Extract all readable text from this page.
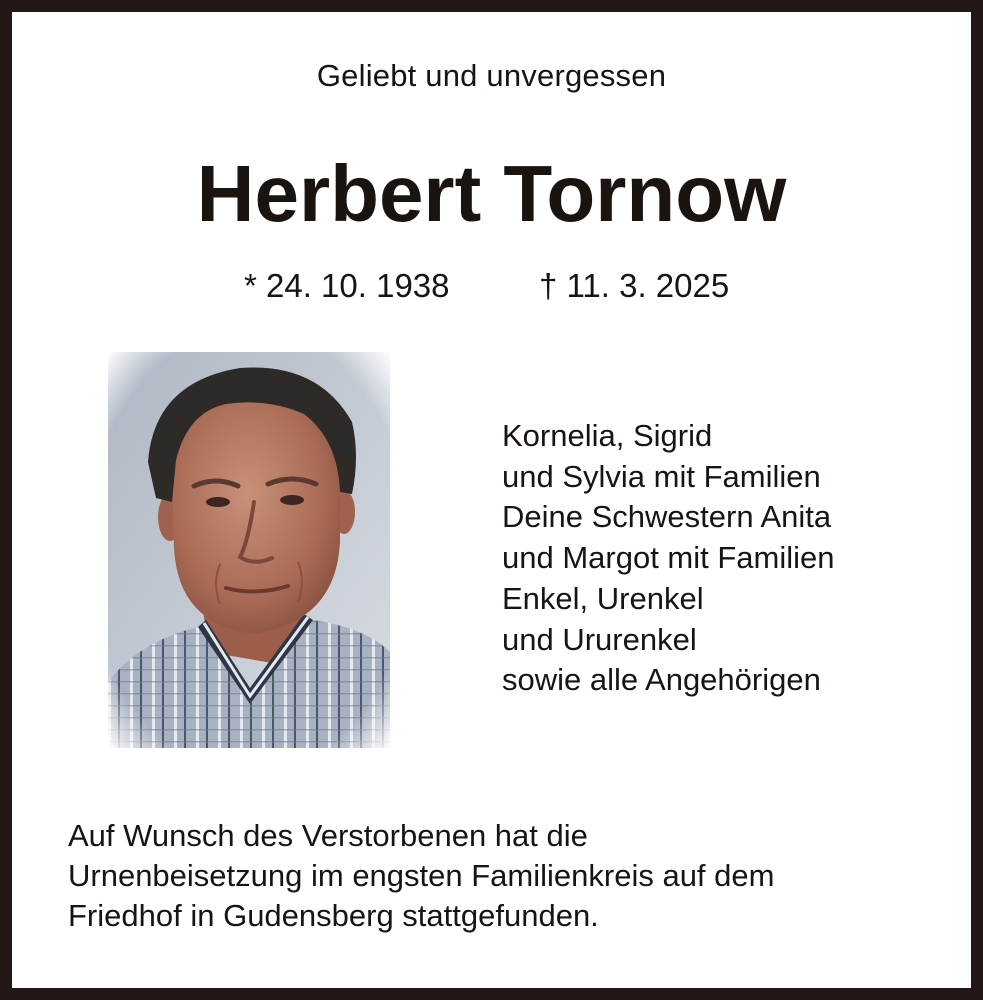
Geliebt und unvergessen
Herbert Tornow
* 24. 10. 1938	† 11. 3. 2025
Kornelia, Sigrid
und Sylvia mit Familien
Deine Schwestern Anita
und Margot mit Familien
Enkel, Urenkel
und Ururenkel
sowie alle Angehörigen
Auf Wunsch des Verstorbenen hat die
Urnenbeisetzung im engsten Familienkreis auf dem
Friedhof in Gudensberg stattgefunden.
